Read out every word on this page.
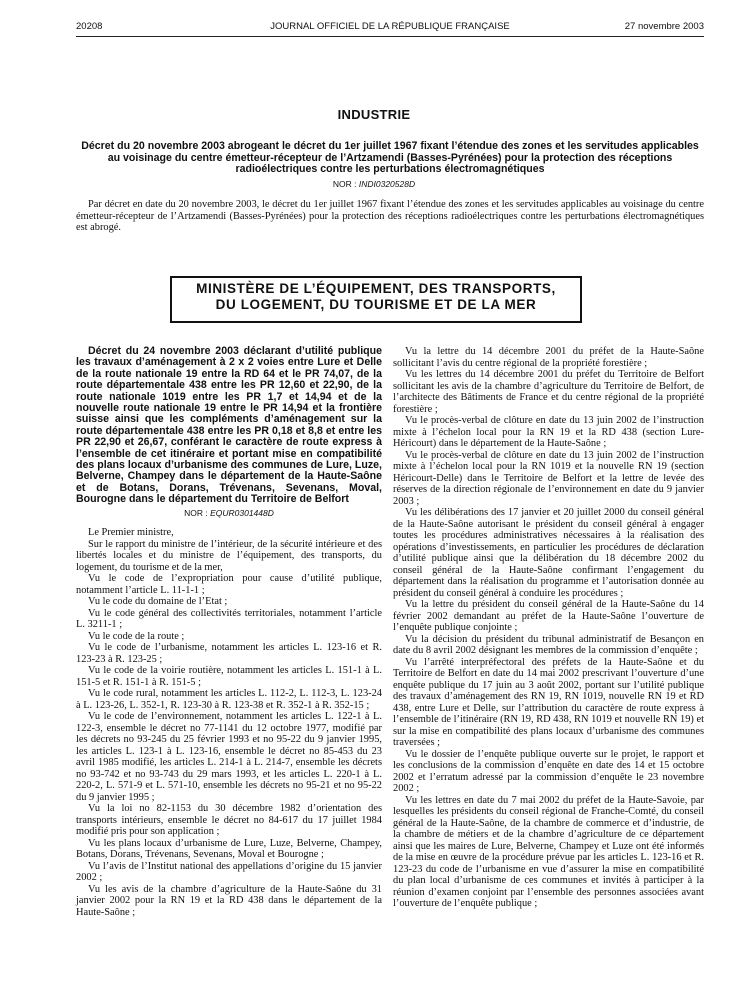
20208	JOURNAL OFFICIEL DE LA RÉPUBLIQUE FRANÇAISE	27 novembre 2003
INDUSTRIE
Décret du 20 novembre 2003 abrogeant le décret du 1er juillet 1967 fixant l’étendue des zones et les servitudes applicables au voisinage du centre émetteur-récepteur de l’Artzamendi (Basses-Pyrénées) pour la protection des réceptions radioélectriques contre les perturbations électromagnétiques
NOR : INDI0320528D
Par décret en date du 20 novembre 2003, le décret du 1er juillet 1967 fixant l’étendue des zones et les servitudes applicables au voisinage du centre émetteur-récepteur de l’Artzamendi (Basses-Pyrénées) pour la protection des réceptions radioélectriques contre les perturbations électromagnétiques est abrogé.
MINISTÈRE DE L’ÉQUIPEMENT, DES TRANSPORTS,
DU LOGEMENT, DU TOURISME ET DE LA MER

Décret du 24 novembre 2003 déclarant d’utilité publique les travaux d’aménagement à 2 x 2 voies entre Lure et Delle de la route nationale 19 entre la RD 64 et le PR 74,07, de la route départementale 438 entre les PR 12,60 et 22,90, de la route nationale 1019 entre les PR 1,7 et 14,94 et de la nouvelle route nationale 19 entre le PR 14,94 et la frontière suisse ainsi que les compléments d’aménagement sur la route départementale 438 entre les PR 0,18 et 8,8 et entre les PR 22,90 et 26,67, conférant le caractère de route express à l’ensemble de cet itinéraire et portant mise en compatibilité des plans locaux d’urbanisme des communes de Lure, Luze, Belverne, Champey dans le département de la Haute-Saône et de Botans, Dorans, Trévenans, Sevenans, Moval, Bourogne dans le département du Territoire de Belfort

NOR : EQUR0301448D

Le Premier ministre,

Sur le rapport du ministre de l’intérieur, de la sécurité intérieure et des libertés locales et du ministre de l’équipement, des transports, du logement, du tourisme et de la mer,

Vu le code de l’expropriation pour cause d’utilité publique, notamment l’article L. 11-1-1 ;

Vu le code du domaine de l’Etat ;

Vu le code général des collectivités territoriales, notamment l’article L. 3211-1 ;

Vu le code de la route ;

Vu le code de l’urbanisme, notamment les articles L. 123-16 et R. 123-23 à R. 123-25 ;

Vu le code de la voirie routière, notamment les articles L. 151-1 à L. 151-5 et R. 151-1 à R. 151-5 ;

Vu le code rural, notamment les articles L. 112-2, L. 112-3, L. 123-24 à L. 123-26, L. 352-1, R. 123-30 à R. 123-38 et R. 352-1 à R. 352-15 ;

Vu le code de l’environnement, notamment les articles L. 122-1 à L. 122-3, ensemble le décret no 77-1141 du 12 octobre 1977, modifié par les décrets no 93-245 du 25 février 1993 et no 95-22 du 9 janvier 1995, les articles L. 123-1 à L. 123-16, ensemble le décret no 85-453 du 23 avril 1985 modifié, les articles L. 214-1 à L. 214-7, ensemble les décrets no 93-742 et no 93-743 du 29 mars 1993, et les articles L. 220-1 à L. 220-2, L. 571-9 et L. 571-10, ensemble les décrets no 95-21 et no 95-22 du 9 janvier 1995 ;

Vu la loi no 82-1153 du 30 décembre 1982 d’orientation des transports intérieurs, ensemble le décret no 84-617 du 17 juillet 1984 modifié pris pour son application ;

Vu les plans locaux d’urbanisme de Lure, Luze, Belverne, Champey, Botans, Dorans, Trévenans, Sevenans, Moval et Bourogne ;

Vu l’avis de l’Institut national des appellations d’origine du 15 janvier 2002 ;

Vu les avis de la chambre d’agriculture de la Haute-Saône du 31 janvier 2002 pour la RN 19 et la RD 438 dans le département de la Haute-Saône ;

Vu la lettre du 14 décembre 2001 du préfet de la Haute-Saône sollicitant l’avis du centre régional de la propriété forestière ;

Vu les lettres du 14 décembre 2001 du préfet du Territoire de Belfort sollicitant les avis de la chambre d’agriculture du Territoire de Belfort, de l’architecte des Bâtiments de France et du centre régional de la propriété forestière ;

Vu le procès-verbal de clôture en date du 13 juin 2002 de l’instruction mixte à l’échelon local pour la RN 19 et la RD 438 (section Lure-Héricourt) dans le département de la Haute-Saône ;

Vu le procès-verbal de clôture en date du 13 juin 2002 de l’instruction mixte à l’échelon local pour la RN 1019 et la nouvelle RN 19 (section Héricourt-Delle) dans le Territoire de Belfort et la lettre de levée des réserves de la direction régionale de l’environnement en date du 9 janvier 2003 ;

Vu les délibérations des 17 janvier et 20 juillet 2000 du conseil général de la Haute-Saône autorisant le président du conseil général à engager toutes les procédures administratives nécessaires à la réalisation des opérations d’investissements, en particulier les procédures de déclaration d’utilité publique ainsi que la délibération du 18 décembre 2002 du conseil général de la Haute-Saône confirmant l’engagement du département dans la réalisation du programme et l’autorisation donnée au président du conseil général à conduire les procédures ;

Vu la lettre du président du conseil général de la Haute-Saône du 14 février 2002 demandant au préfet de la Haute-Saône l’ouverture de l’enquête publique conjointe ;

Vu la décision du président du tribunal administratif de Besançon en date du 8 avril 2002 désignant les membres de la commission d’enquête ;

Vu l’arrêté interpréfectoral des préfets de la Haute-Saône et du Territoire de Belfort en date du 14 mai 2002 prescrivant l’ouverture d’une enquête publique du 17 juin au 3 août 2002, portant sur l’utilité publique des travaux d’aménagement des RN 19, RN 1019, nouvelle RN 19 et RD 438, entre Lure et Delle, sur l’attribution du caractère de route express à l’ensemble de l’itinéraire (RN 19, RD 438, RN 1019 et nouvelle RN 19) et sur la mise en compatibilité des plans locaux d’urbanisme des communes traversées ;

Vu le dossier de l’enquête publique ouverte sur le projet, le rapport et les conclusions de la commission d’enquête en date des 14 et 15 octobre 2002 et l’erratum adressé par la commission d’enquête le 23 novembre 2002 ;

Vu les lettres en date du 7 mai 2002 du préfet de la Haute-Savoie, par lesquelles les présidents du conseil régional de Franche-Comté, du conseil général de la Haute-Saône, de la chambre de commerce et d’industrie, de la chambre de métiers et de la chambre d’agriculture de ce département ainsi que les maires de Lure, Belverne, Champey et Luze ont été informés de la mise en œuvre de la procédure prévue par les articles L. 123-16 et R. 123-23 du code de l’urbanisme en vue d’assurer la mise en compatibilité du plan local d’urbanisme de ces communes et invités à participer à la réunion d’examen conjoint par l’ensemble des personnes associées avant l’ouverture de l’enquête publique ;
